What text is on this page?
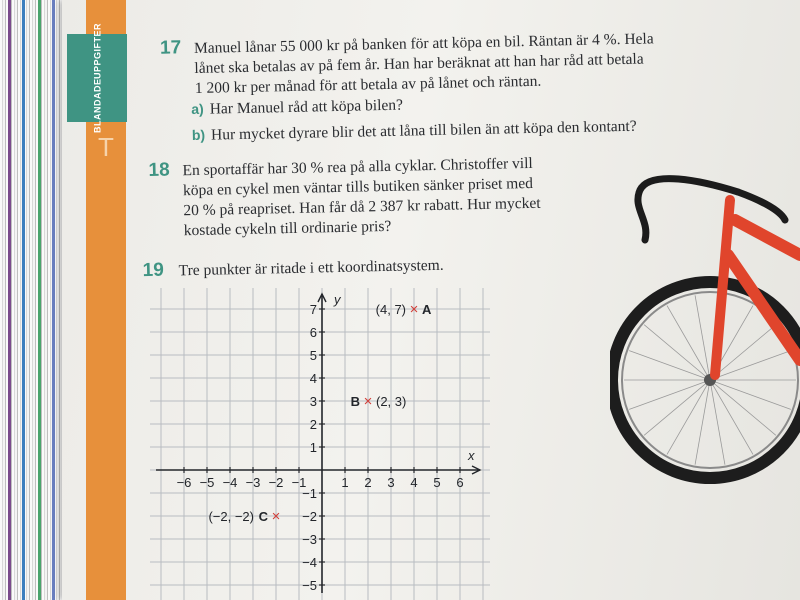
BLANDADE
UPPGIFTER
T
17 Manuel lånar 55 000 kr på banken för att köpa en bil. Räntan är 4 %. Hela
lånet ska betalas av på fem år. Han har beräknat att han har råd att betala
1 200 kr per månad för att betala av på lånet och räntan.
a) Har Manuel råd att köpa bilen?
b) Hur mycket dyrare blir det att låna till bilen än att köpa den kontant?
18 En sportaffär har 30 % rea på alla cyklar. Christoffer vill
köpa en cykel men väntar tills butiken sänker priset med
20 % på reapriset. Han får då 2 387 kr rabatt. Hur mycket
kostade cykeln till ordinarie pris?
19 Tre punkter är ritade i ett koordinatsystem.
x
y
−6 −5 −4 −3 −2 −1	1 2 3 4 5 6
7
6
5
4
3
2
1
−1
−2
−3
−4
−5
× A
(4, 7)
×
B (2, 3)
×
C
(−2, −2)
